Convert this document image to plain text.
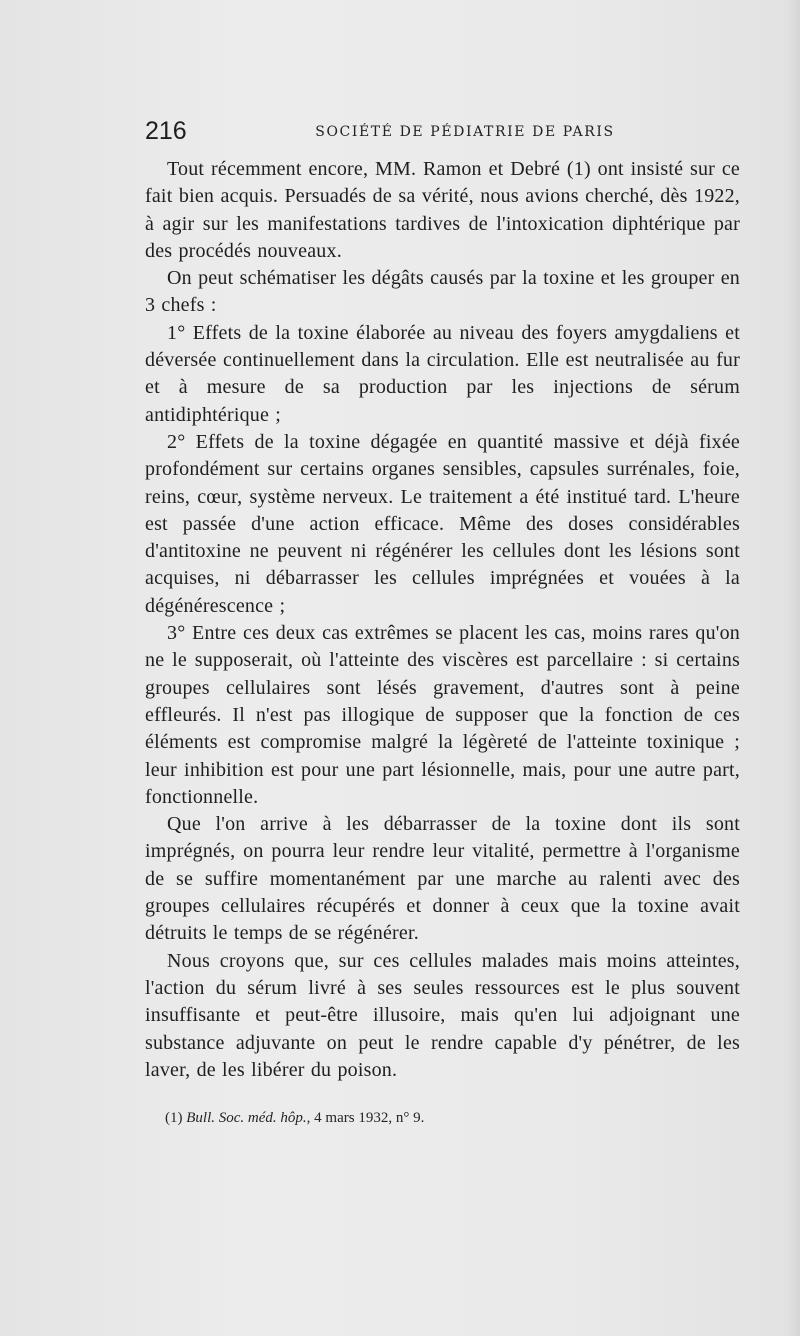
216	SOCIÉTÉ DE PÉDIATRIE DE PARIS

Tout récemment encore, MM. Ramon et Debré (1) ont insisté sur ce fait bien acquis. Persuadés de sa vérité, nous avions cherché, dès 1922, à agir sur les manifestations tardives de l'intoxication diphtérique par des procédés nouveaux.

On peut schématiser les dégâts causés par la toxine et les grouper en 3 chefs :

1° Effets de la toxine élaborée au niveau des foyers amygdaliens et déversée continuellement dans la circulation. Elle est neutralisée au fur et à mesure de sa production par les injections de sérum antidiphtérique ;

2° Effets de la toxine dégagée en quantité massive et déjà fixée profondément sur certains organes sensibles, capsules surrénales, foie, reins, cœur, système nerveux. Le traitement a été institué tard. L'heure est passée d'une action efficace. Même des doses considérables d'antitoxine ne peuvent ni régénérer les cellules dont les lésions sont acquises, ni débarrasser les cellules imprégnées et vouées à la dégénérescence ;

3° Entre ces deux cas extrêmes se placent les cas, moins rares qu'on ne le supposerait, où l'atteinte des viscères est parcellaire : si certains groupes cellulaires sont lésés gravement, d'autres sont à peine effleurés. Il n'est pas illogique de supposer que la fonction de ces éléments est compromise malgré la légèreté de l'atteinte toxinique ; leur inhibition est pour une part lésionnelle, mais, pour une autre part, fonctionnelle.

Que l'on arrive à les débarrasser de la toxine dont ils sont imprégnés, on pourra leur rendre leur vitalité, permettre à l'organisme de se suffire momentanément par une marche au ralenti avec des groupes cellulaires récupérés et donner à ceux que la toxine avait détruits le temps de se régénérer.

Nous croyons que, sur ces cellules malades mais moins atteintes, l'action du sérum livré à ses seules ressources est le plus souvent insuffisante et peut-être illusoire, mais qu'en lui adjoignant une substance adjuvante on peut le rendre capable d'y pénétrer, de les laver, de les libérer du poison.

(1) Bull. Soc. méd. hôp., 4 mars 1932, n° 9.
